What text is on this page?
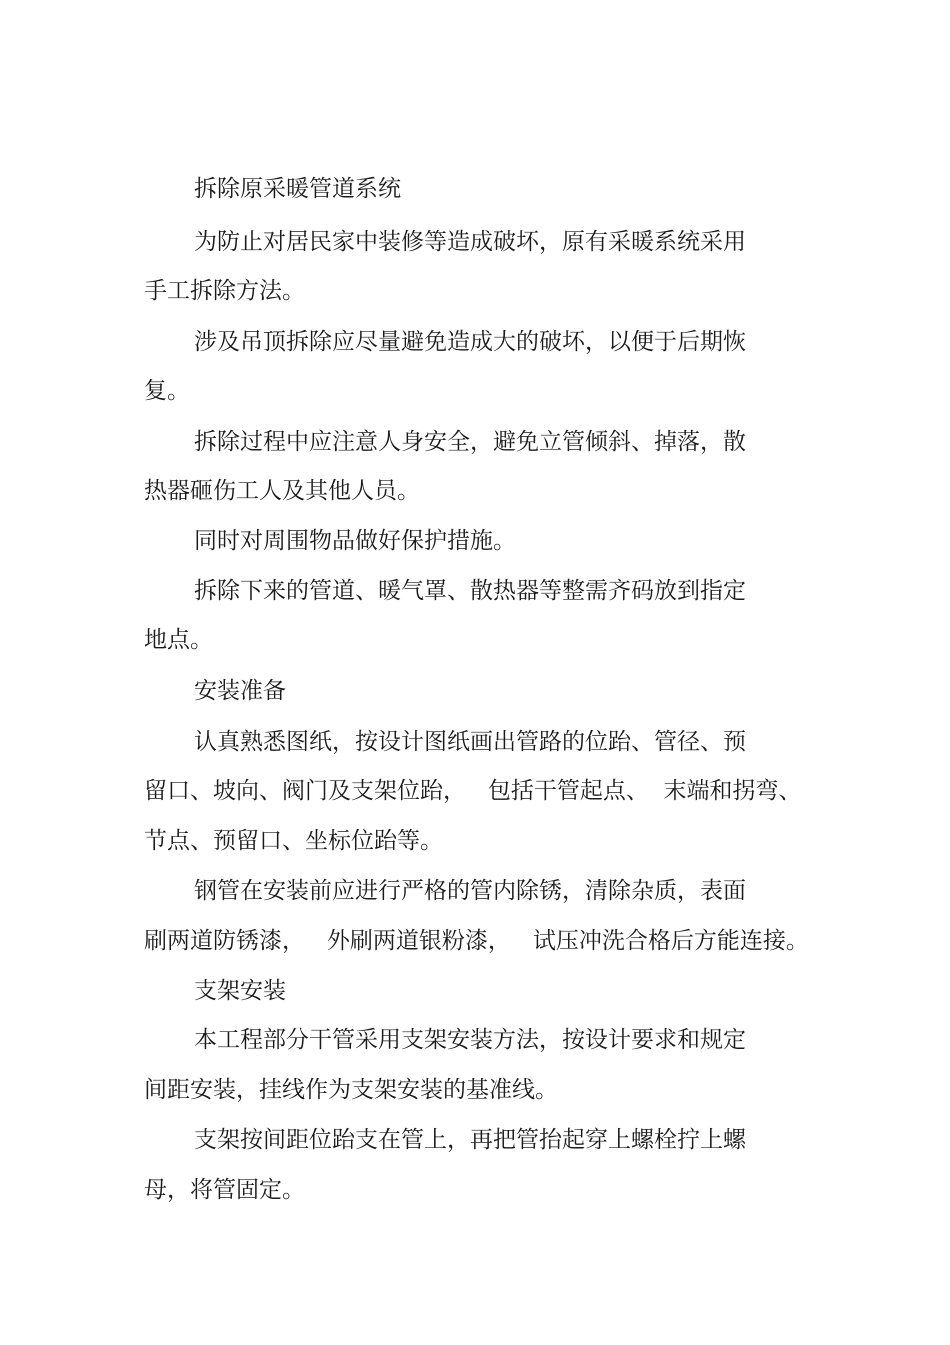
拆除原采暖管道系统

为防止对居民家中装修等造成破坏，原有采暖系统采用

手工拆除方法。

涉及吊顶拆除应尽量避免造成大的破坏，以便于后期恢

复。

拆除过程中应注意人身安全，避免立管倾斜、掉落，散

热器砸伤工人及其他人员。

同时对周围物品做好保护措施。

拆除下来的管道、暖气罩、散热器等整需齐码放到指定

地点。

安装准备

认真熟悉图纸，按设计图纸画出管路的位跆、管径、预

留口、坡向、阀门及支架位跆，   包括干管起点、  末端和拐弯、

节点、预留口、坐标位跆等。

钢管在安装前应进行严格的管内除锈，清除杂质，表面

刷两道防锈漆，   外刷两道银粉漆，   试压冲洗合格后方能连接。

支架安装

本工程部分干管采用支架安装方法，按设计要求和规定

间距安装，挂线作为支架安装的基准线。

支架按间距位跆支在管上，再把管抬起穿上螺栓拧上螺

母，将管固定。
